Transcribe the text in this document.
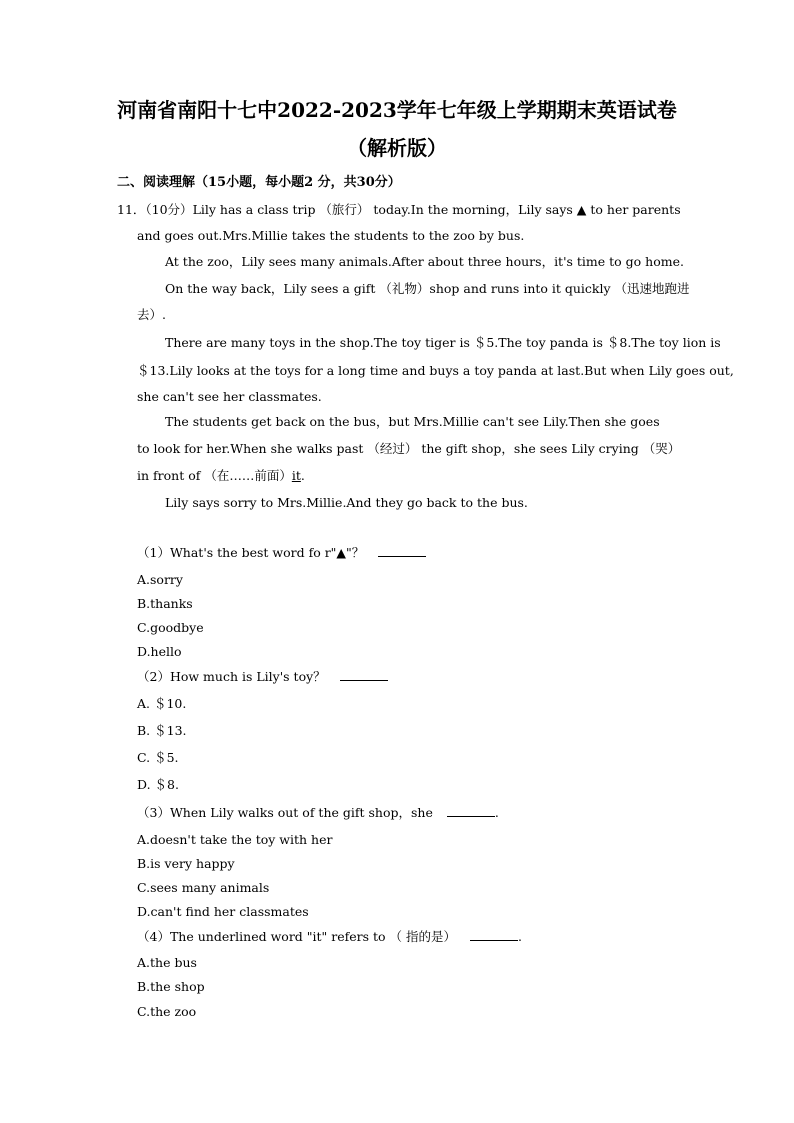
河南省南阳十七中2022-2023学年七年级上学期期末英语试卷
（解析版）
二、阅读理解（15小题，每小题2 分，共30分）
11．（10分）Lily has a class trip （旅行） today.In the morning，Lily says ▲ to her parents
and goes out.Mrs.Millie takes the students to the zoo by bus.
At the zoo，Lily sees many animals.After about three hours，it's time to go home.
On the way back，Lily sees a gift （礼物）shop and runs into it quickly （迅速地跑进
去）.
There are many toys in the shop.The toy tiger is ＄5.The toy panda is ＄8.The toy lion is
＄13.Lily looks at the toys for a long time and buys a toy panda at last.But when Lily goes out,
she can't see her classmates.
The students get back on the bus，but Mrs.Millie can't see Lily.Then she goes
to look for her.When she walks past （经过） the gift shop，she sees Lily crying （哭）
in front of （在……前面）it.
Lily says sorry to Mrs.Millie.And they go back to the bus.
（1）What's the best word fo r"▲"？
A.sorry
B.thanks
C.goodbye
D.hello
（2）How much is Lily's toy？
A. ＄10.
B. ＄13.
C. ＄5.
D. ＄8.
（3）When Lily walks out of the gift shop，she	.
A.doesn't take the toy with her
B.is very happy
C.sees many animals
D.can't find her classmates
（4）The underlined word "it" refers to （ 指的是）	.
A.the bus
B.the shop
C.the zoo
